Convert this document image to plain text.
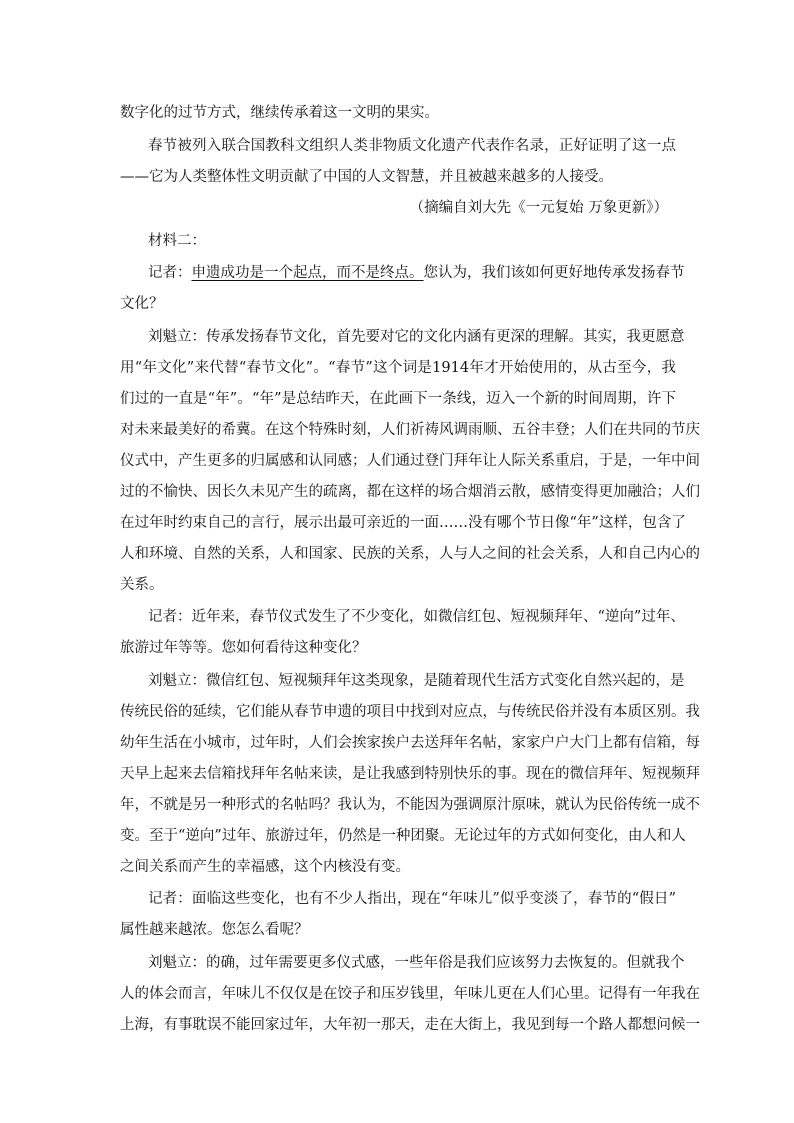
数字化的过节方式，继续传承着这一文明的果实。
春节被列入联合国教科文组织人类非物质文化遗产代表作名录，正好证明了这一点
——它为人类整体性文明贡献了中国的人文智慧，并且被越来越多的人接受。
（摘编自刘大先《一元复始 万象更新》）
材料二：
记者：申遗成功是一个起点，而不是终点。您认为，我们该如何更好地传承发扬春节
文化？
刘魁立：传承发扬春节文化，首先要对它的文化内涵有更深的理解。其实，我更愿意
用“年文化”来代替“春节文化”。“春节”这个词是1914年才开始使用的，从古至今，我
们过的一直是“年”。“年”是总结昨天，在此画下一条线，迈入一个新的时间周期，许下
对未来最美好的希冀。在这个特殊时刻，人们祈祷风调雨顺、五谷丰登；人们在共同的节庆
仪式中，产生更多的归属感和认同感；人们通过登门拜年让人际关系重启，于是，一年中间
过的不愉快、因长久未见产生的疏离，都在这样的场合烟消云散，感情变得更加融洽；人们
在过年时约束自己的言行，展示出最可亲近的一面……没有哪个节日像“年”这样，包含了
人和环境、自然的关系，人和国家、民族的关系，人与人之间的社会关系，人和自己内心的
关系。
记者：近年来，春节仪式发生了不少变化，如微信红包、短视频拜年、“逆向”过年、
旅游过年等等。您如何看待这种变化？
刘魁立：微信红包、短视频拜年这类现象，是随着现代生活方式变化自然兴起的，是
传统民俗的延续，它们能从春节申遗的项目中找到对应点，与传统民俗并没有本质区别。我
幼年生活在小城市，过年时，人们会挨家挨户去送拜年名帖，家家户户大门上都有信箱，每
天早上起来去信箱找拜年名帖来读，是让我感到特别快乐的事。现在的微信拜年、短视频拜
年，不就是另一种形式的名帖吗？我认为，不能因为强调原汁原味，就认为民俗传统一成不
变。至于“逆向”过年、旅游过年，仍然是一种团聚。无论过年的方式如何变化，由人和人
之间关系而产生的幸福感，这个内核没有变。
记者：面临这些变化，也有不少人指出，现在“年味儿”似乎变淡了，春节的“假日”
属性越来越浓。您怎么看呢？
刘魁立：的确，过年需要更多仪式感，一些年俗是我们应该努力去恢复的。但就我个
人的体会而言，年味儿不仅仅是在饺子和压岁钱里，年味儿更在人们心里。记得有一年我在
上海，有事耽误不能回家过年，大年初一那天，走在大街上，我见到每一个路人都想问候一
